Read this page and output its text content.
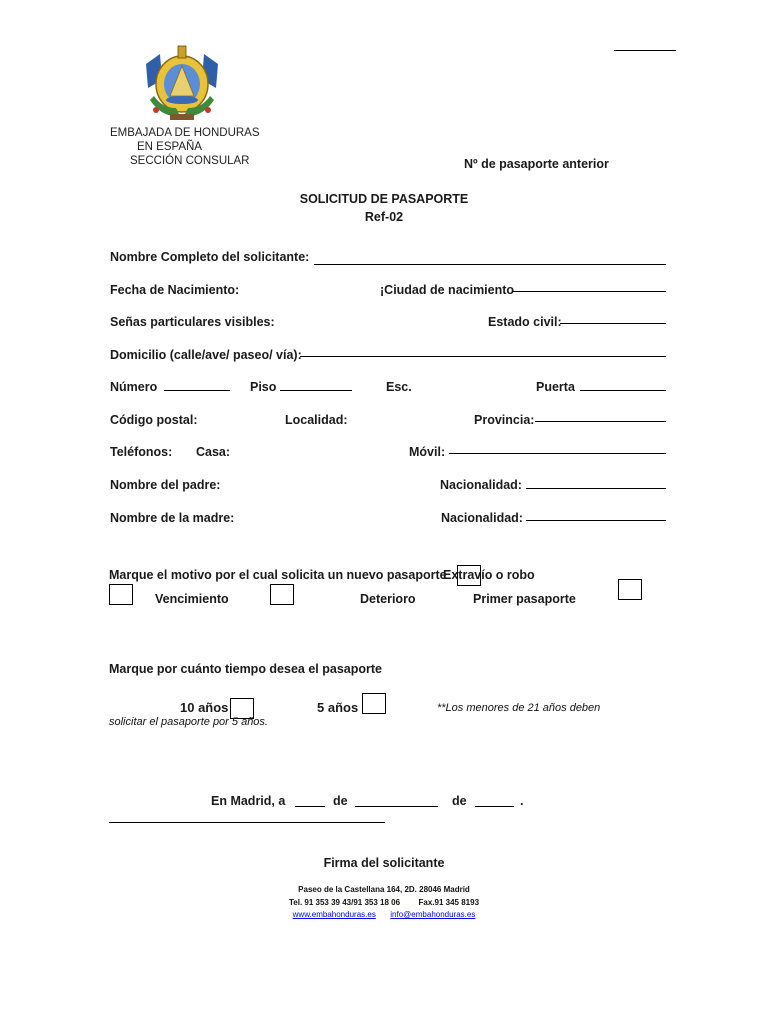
EMBAJADA DE HONDURAS
EN ESPAÑA
SECCIÓN CONSULAR	Nº de pasaporte anterior
SOLICITUD DE PASAPORTE
Ref-02
Nombre Completo del solicitante:
Fecha de Nacimiento:	¡Ciudad de nacimiento
Señas particulares visibles:	Estado civil:
Domicilio (calle/ave/ paseo/ vía):
Número	Piso	Esc.	Puerta
Código postal:	Localidad:	Provincia:
Teléfonos: Casa:	Móvil:
Nombre del padre:	Nacionalidad:
Nombre de la madre:	Nacionalidad:
Marque el motivo por el cual solicita un nuevo pasaporte
Extravío o robo
Vencimiento	Deterioro	Primer pasaporte
Marque por cuánto tiempo desea el pasaporte
10 años	5 años	**Los menores de 21 años deben
solicitar el pasaporte por 5 años.
En Madrid, a	de	de	.
Firma del solicitante
Paseo de la Castellana 164, 2D. 28046 Madrid
Tel. 91 353 39 43/91 353 18 06 Fax.91 345 8193
www.embahonduras.es info@embahonduras.es
